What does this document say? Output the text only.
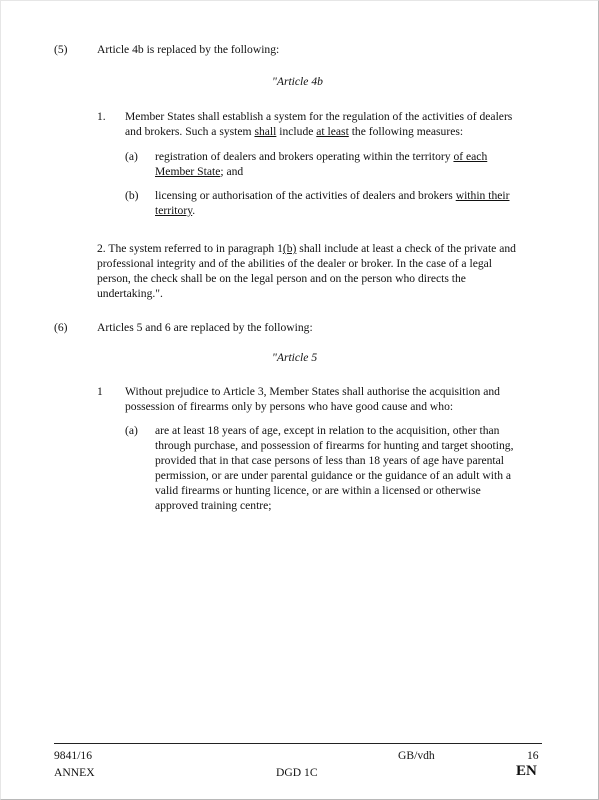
(5)	Article 4b is replaced by the following:
"Article 4b
1. Member States shall establish a system for the regulation of the activities of dealers
and brokers. Such a system shall include at least the following measures:
(a) registration of dealers and brokers operating within the territory of each
Member State; and
(b) licensing or authorisation of the activities of dealers and brokers within their
territory.
2. The system referred to in paragraph 1(b) shall include at least a check of the private and
professional integrity and of the abilities of the dealer or broker. In the case of a legal
person, the check shall be on the legal person and on the person who directs the
undertaking.".
(6)	Articles 5 and 6 are replaced by the following:
"Article 5
1 Without prejudice to Article 3, Member States shall authorise the acquisition and
possession of firearms only by persons who have good cause and who:
(a) are at least 18 years of age, except in relation to the acquisition, other than
through purchase, and possession of firearms for hunting and target shooting,
provided that in that case persons of less than 18 years of age have parental
permission, or are under parental guidance or the guidance of an adult with a
valid firearms or hunting licence, or are within a licensed or otherwise
approved training centre;
9841/16
ANNEX
GB/vdh
DGD 1C
16
EN
